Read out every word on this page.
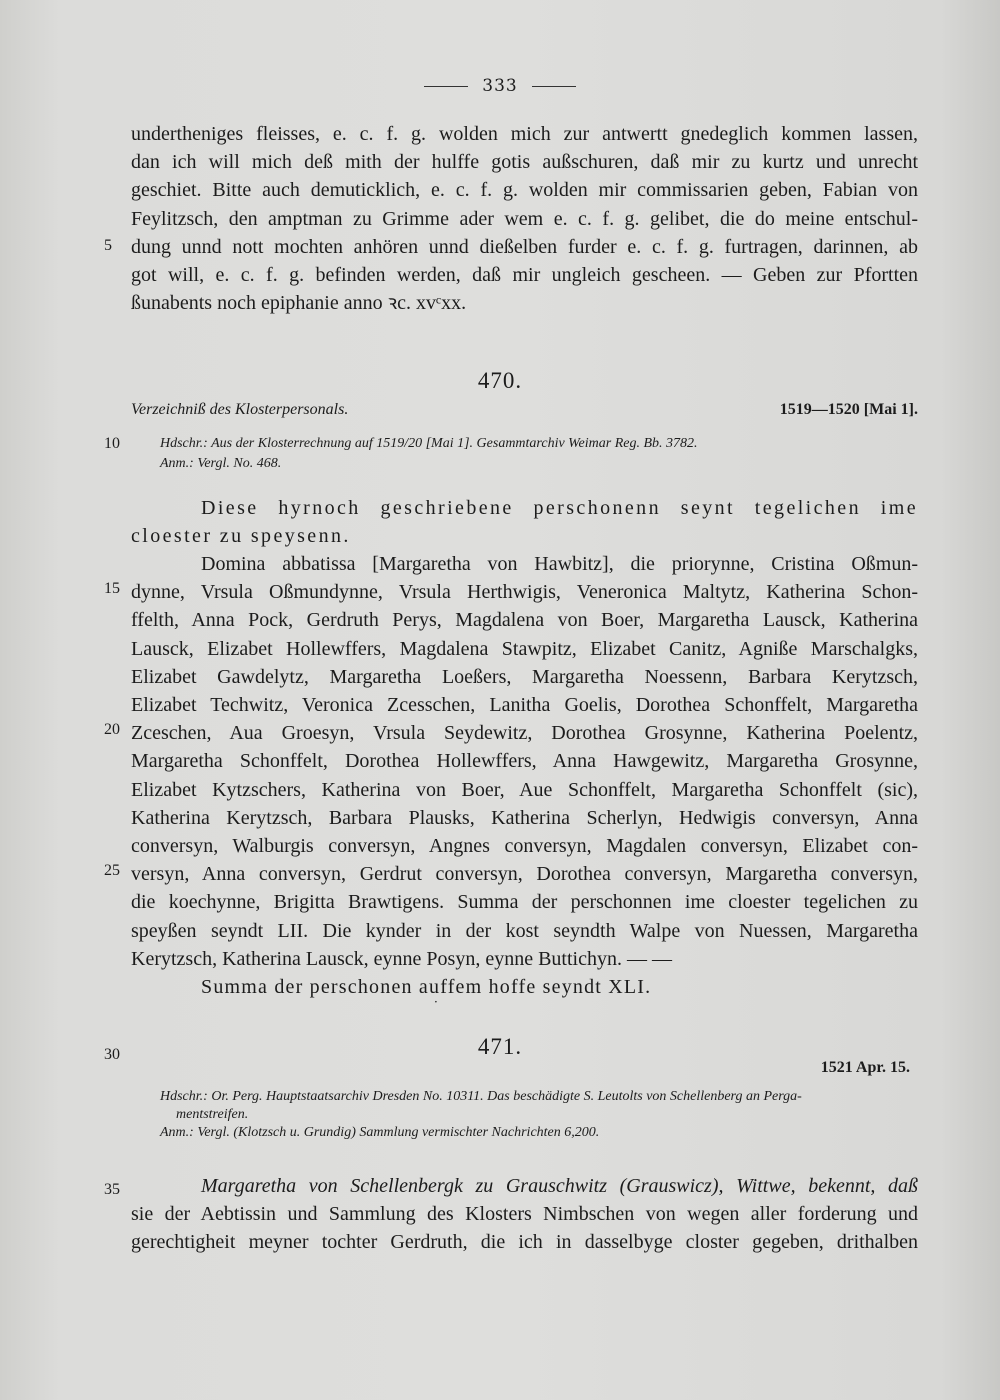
333
undertheniges fleisses, e. c. f. g. wolden mich zur antwertt gnedeglich kommen lassen,
dan ich will mich deß mith der hulffe gotis außschuren, daß mir zu kurtz und unrecht
geschiet. Bitte auch demuticklich, e. c. f. g. wolden mir commissarien geben, Fabian von
Feylitzsch, den amptman zu Grimme ader wem e. c. f. g. gelibet, die do meine entschul-
dung unnd nott mochten anhören unnd dießelben furder e. c. f. g. furtragen, darinnen, ab
got will, e. c. f. g. befinden werden, daß mir ungleich gescheen. — Geben zur Pfortten
ßunabents noch epiphanie anno ꝛc. xvᶜxx.
5
470.
Verzeichniß des Klosterpersonals.	1519—1520 [Mai 1].
10	Hdschr.: Aus der Klosterrechnung auf 1519/20 [Mai 1]. Gesammtarchiv Weimar Reg. Bb. 3782.
Anm.: Vergl. No. 468.
Diese hyrnoch geschriebene perschonenn seynt tegelichen ime
cloester zu speysenn.
Domina abbatissa [Margaretha von Hawbitz], die priorynne, Cristina Oßmun-
dynne, Vrsula Oßmundynne, Vrsula Herthwigis, Veneronica Maltytz, Katherina Schon-
ffelth, Anna Pock, Gerdruth Perys, Magdalena von Boer, Margaretha Lausck, Katherina
Lausck, Elizabet Hollewffers, Magdalena Stawpitz, Elizabet Canitz, Agniße Marschalgks,
Elizabet Gawdelytz, Margaretha Loeßers, Margaretha Noessenn, Barbara Kerytzsch,
Elizabet Techwitz, Veronica Zcesschen, Lanitha Goelis, Dorothea Schonffelt, Margaretha
Zceschen, Aua Groesyn, Vrsula Seydewitz, Dorothea Grosynne, Katherina Poelentz,
Margaretha Schonffelt, Dorothea Hollewffers, Anna Hawgewitz, Margaretha Grosynne,
Elizabet Kytzschers, Katherina von Boer, Aue Schonffelt, Margaretha Schonffelt (sic),
Katherina Kerytzsch, Barbara Plausks, Katherina Scherlyn, Hedwigis conversyn, Anna
conversyn, Walburgis conversyn, Angnes conversyn, Magdalen conversyn, Elizabet con-
versyn, Anna conversyn, Gerdrut conversyn, Dorothea conversyn, Margaretha conversyn,
die koechynne, Brigitta Brawtigens. Summa der perschonnen ime cloester tegelichen zu
speyßen seyndt LII. Die kynder in der kost seyndth Walpe von Nuessen, Margaretha
Kerytzsch, Katherina Lausck, eynne Posyn, eynne Buttichyn. — —
Summa der perschonen auffem hoffe seyndt XLI.
15
20
25
·
30	471.
1521 Apr. 15.
Hdschr.: Or. Perg. Hauptstaatsarchiv Dresden No. 10311. Das beschädigte S. Leutolts von Schellenberg an Perga-
mentstreifen.
Anm.: Vergl. (Klotzsch u. Grundig) Sammlung vermischter Nachrichten 6,200.
35	Margaretha von Schellenbergk zu Grauschwitz (Grauswicz), Wittwe, bekennt, daß
sie der Aebtissin und Sammlung des Klosters Nimbschen von wegen aller forderung und
gerechtigheit meyner tochter Gerdruth, die ich in dasselbyge closter gegeben, drithalben
